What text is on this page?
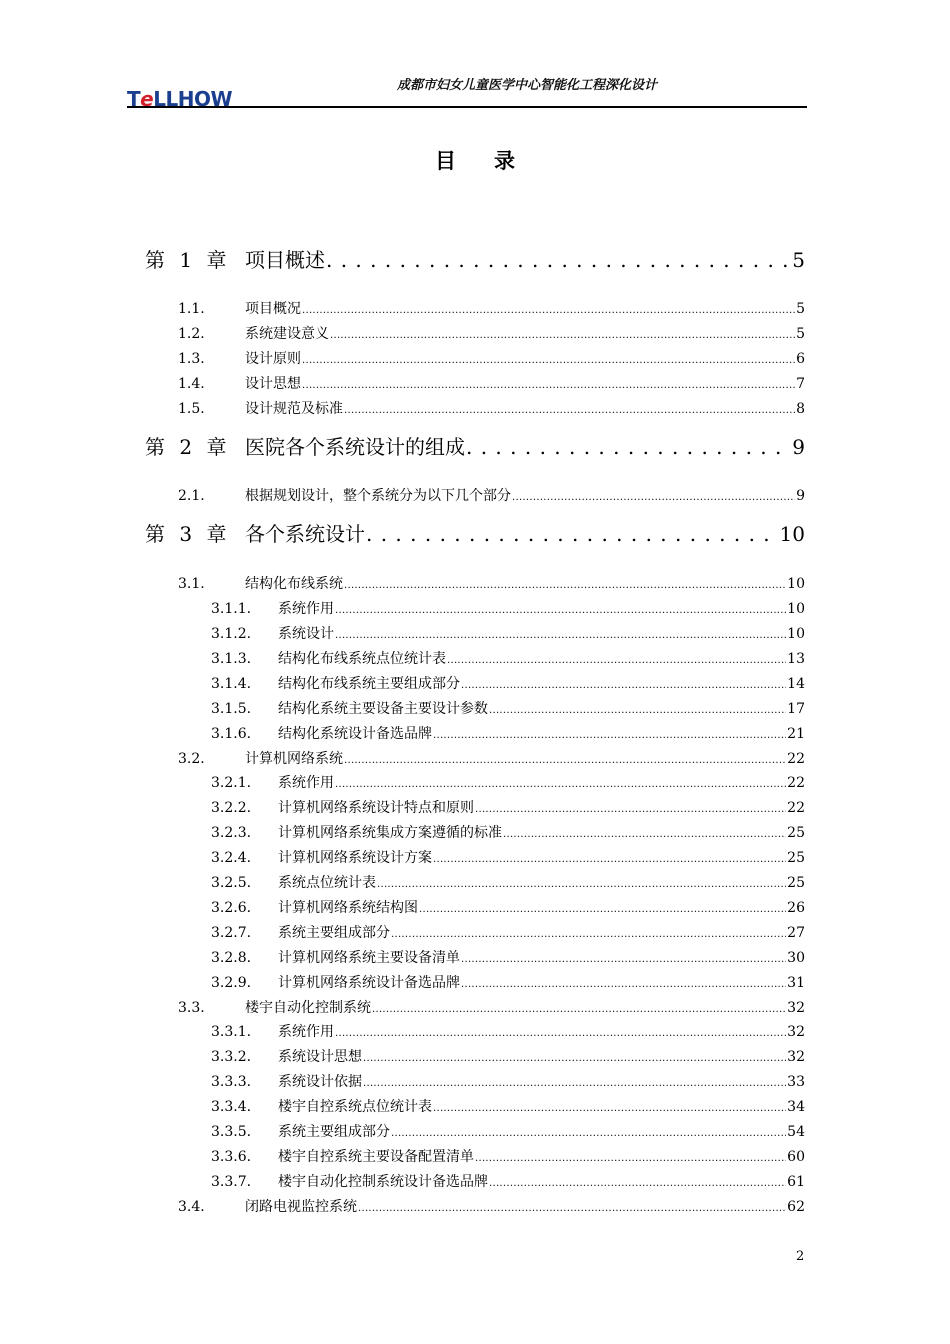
TeLLHOW
成都市妇女儿童医学中心智能化工程深化设计
目录
第 1 章 项目概述 . . .	5
1.1.	项目概况 .....	5
1.2.	系统建设意义 .....	5
1.3.	设计原则 .....	6
1.4.	设计思想 .....	7
1.5.	设计规范及标准 .....	8
第 2 章 医院各个系统设计的组成 . . .	9
2.1.	根据规划设计，整个系统分为以下几个部分 .....	9
第 3 章 各个系统设计 . . .	10
3.1.	结构化布线系统 .....	10
3.1.1.	系统作用 .....	10
3.1.2.	系统设计 .....	10
3.1.3.	结构化布线系统点位统计表 .....	13
3.1.4.	结构化布线系统主要组成部分 .....	14
3.1.5.	结构化系统主要设备主要设计参数 .....	17
3.1.6.	结构化系统设计备选品牌 .....	21
3.2.	计算机网络系统 .....	22
3.2.1.	系统作用 .....	22
3.2.2.	计算机网络系统设计特点和原则 .....	22
3.2.3.	计算机网络系统集成方案遵循的标准 .....	25
3.2.4.	计算机网络系统设计方案 .....	25
3.2.5.	系统点位统计表 .....	25
3.2.6.	计算机网络系统结构图 .....	26
3.2.7.	系统主要组成部分 .....	27
3.2.8.	计算机网络系统主要设备清单 .....	30
3.2.9.	计算机网络系统设计备选品牌 .....	31
3.3.	楼宇自动化控制系统 .....	32
3.3.1.	系统作用 .....	32
3.3.2.	系统设计思想 .....	32
3.3.3.	系统设计依据 .....	33
3.3.4.	楼宇自控系统点位统计表 .....	34
3.3.5.	系统主要组成部分 .....	54
3.3.6.	楼宇自控系统主要设备配置清单 .....	60
3.3.7.	楼宇自动化控制系统设计备选品牌 .....	61
3.4.	闭路电视监控系统 .....	62
2
